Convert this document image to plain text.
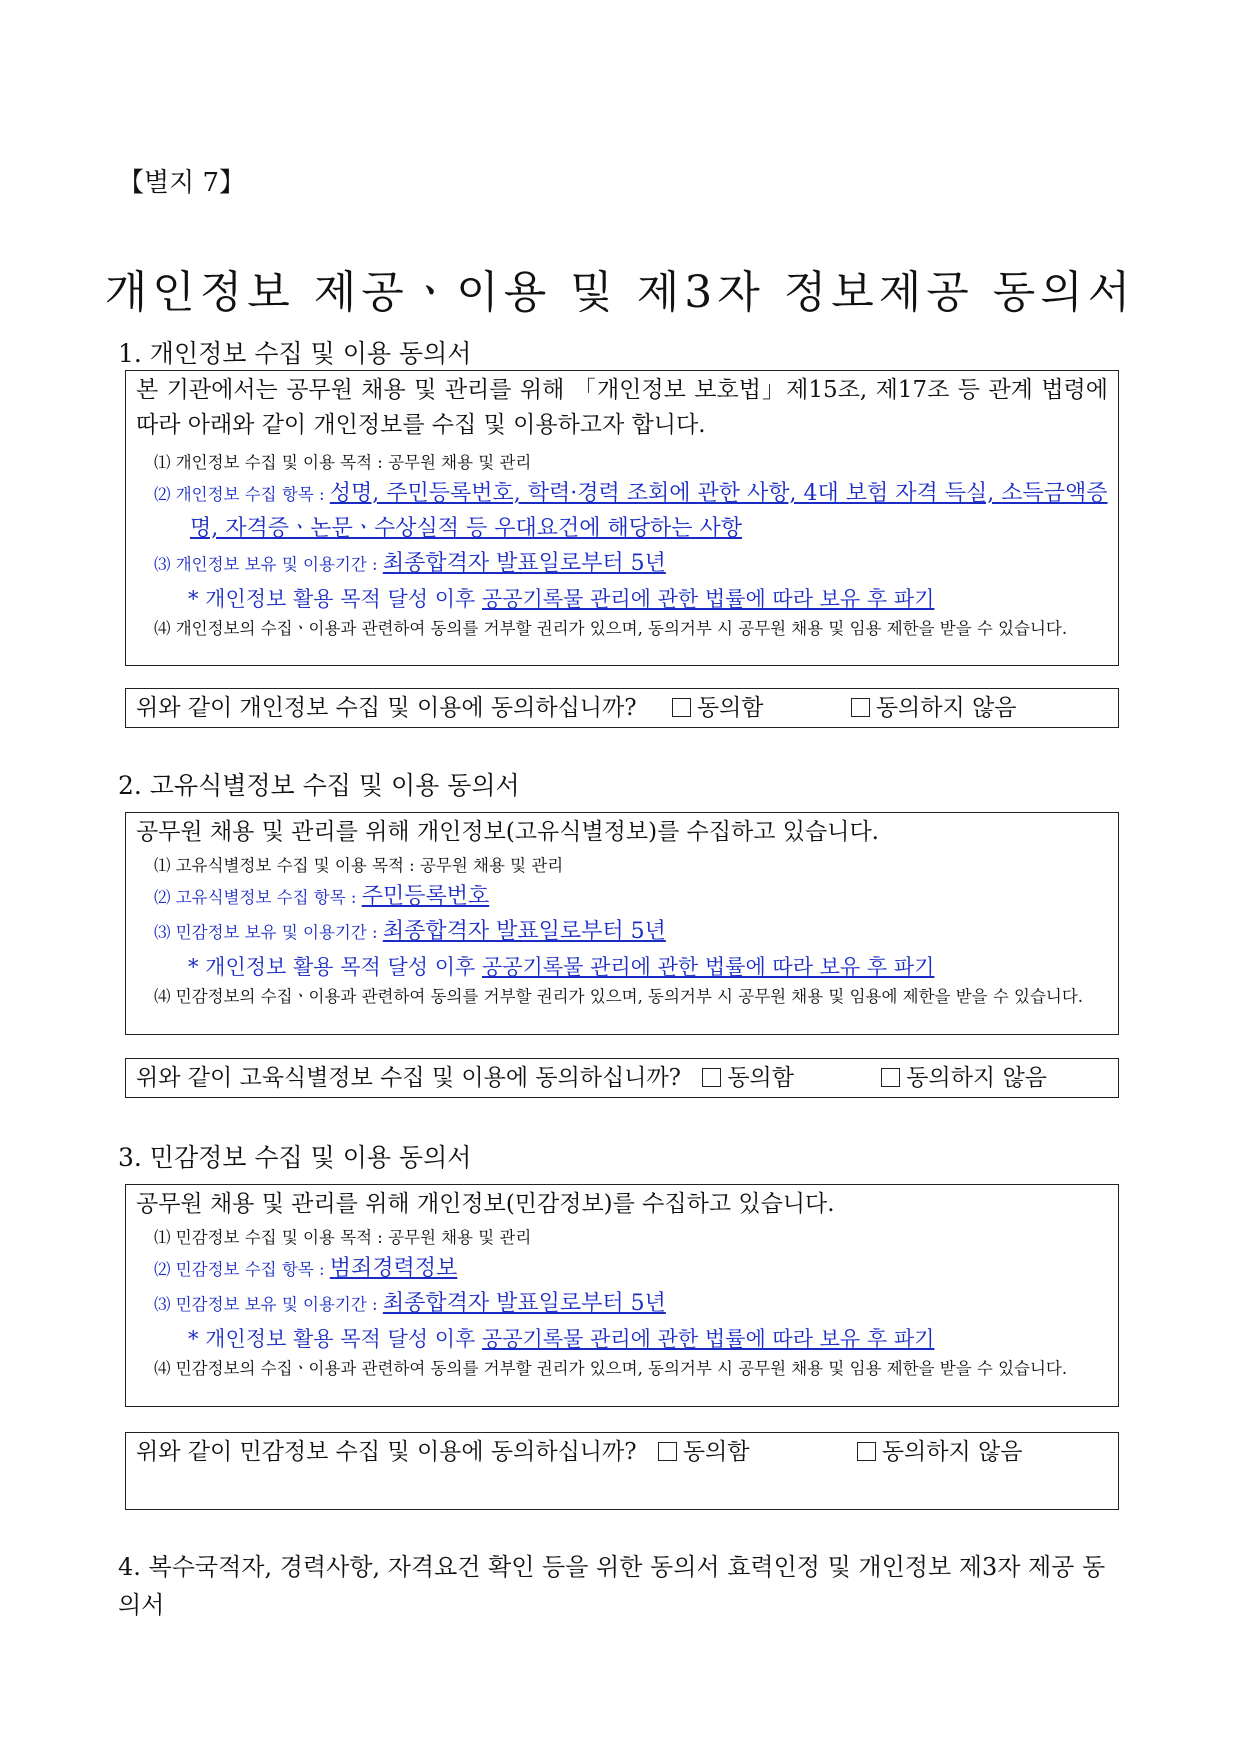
【별지 7】
개인정보 제공ㆍ이용 및 제3자 정보제공 동의서
1. 개인정보 수집 및 이용 동의서
본 기관에서는 공무원 채용 및 관리를 위해 「개인정보 보호법」제15조, 제17조 등 관계 법령에 따라 아래와 같이 개인정보를 수집 및 이용하고자 합니다.
⑴ 개인정보 수집 및 이용 목적 : 공무원 채용 및 관리
⑵ 개인정보 수집 항목 : 성명, 주민등록번호, 학력·경력 조회에 관한 사항, 4대 보험 자격 득실, 소득금액증명, 자격증ㆍ논문ㆍ수상실적 등 우대요건에 해당하는 사항
⑶ 개인정보 보유 및 이용기간 : 최종합격자 발표일로부터 5년
* 개인정보 활용 목적 달성 이후 공공기록물 관리에 관한 법률에 따라 보유 후 파기
⑷ 개인정보의 수집ㆍ이용과 관련하여 동의를 거부할 권리가 있으며, 동의거부 시 공무원 채용 및 임용 제한을 받을 수 있습니다.
위와 같이 개인정보 수집 및 이용에 동의하십니까?	동의함	동의하지 않음
2. 고유식별정보 수집 및 이용 동의서
공무원 채용 및 관리를 위해 개인정보(고유식별정보)를 수집하고 있습니다.
⑴ 고유식별정보 수집 및 이용 목적 : 공무원 채용 및 관리
⑵ 고유식별정보 수집 항목 : 주민등록번호
⑶ 민감정보 보유 및 이용기간 : 최종합격자 발표일로부터 5년
* 개인정보 활용 목적 달성 이후 공공기록물 관리에 관한 법률에 따라 보유 후 파기
⑷ 민감정보의 수집ㆍ이용과 관련하여 동의를 거부할 권리가 있으며, 동의거부 시 공무원 채용 및 임용에 제한을 받을 수 있습니다.
위와 같이 고육식별정보 수집 및 이용에 동의하십니까? 동의함	동의하지 않음
3. 민감정보 수집 및 이용 동의서
공무원 채용 및 관리를 위해 개인정보(민감정보)를 수집하고 있습니다.
⑴ 민감정보 수집 및 이용 목적 : 공무원 채용 및 관리
⑵ 민감정보 수집 항목 : 범죄경력정보
⑶ 민감정보 보유 및 이용기간 : 최종합격자 발표일로부터 5년
* 개인정보 활용 목적 달성 이후 공공기록물 관리에 관한 법률에 따라 보유 후 파기
⑷ 민감정보의 수집ㆍ이용과 관련하여 동의를 거부할 권리가 있으며, 동의거부 시 공무원 채용 및 임용 제한을 받을 수 있습니다.
위와 같이 민감정보 수집 및 이용에 동의하십니까? 동의함	동의하지 않음
4. 복수국적자, 경력사항, 자격요건 확인 등을 위한 동의서 효력인정 및 개인정보 제3자 제공 동의서
